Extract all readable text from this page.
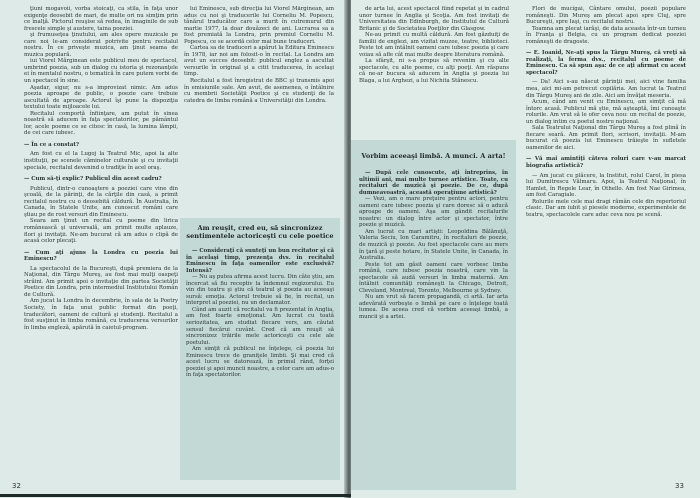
ţiuni mogavoii, vorba stoicaţi, ca stila, în faţa unor exigenţe deosebit de mari, de multe ori nu simţim prin ce înalţă. Pictorul reuşise să redea, în imaginile de sub frescele simple şi austere, taina poeziei.

şi frumuseţea ţinutului, am ales opere muzicale pe care noi le-am considerat potrivite pentru recitalul nostru. În ce priveşte muzica, am ţinut seama de muzica populară.

iui Viorel Mărginean este publicul meu de spectacol, umbrind poezia, sub un dialog cu istoria şi rezonanţele ei în mentalul nostru, o tematică în care putem vorbi de un spectacol în sine.

Aşadar, sigur, nu s-a improvizat nimic. Am adus poezia aproape de public, o poezie care trebuie ascultată de aproape. Actorul îşi pune la dispoziţia textului toate mijloacele lui.

Recitalul comportă înfiinţare, am putut în sinea noastră să aducem în faţa spectatorilor, pe pământul lor, acele poeme ce se citesc în casă, la lumina lămpii, de cei care iubesc.

— În ce a constat?

Am fost cu el la Lugoj la Teatrul Mic, apoi la alte instituţii, pe scenele căminelor culturale şi cu invitaţii speciale, recitalul devenind o tradiţie în acel oraş.

— Cum să-ţi explic? Publicul din acest cadru?

Publicul, dintr-o cunoaştere a poeziei care vine din şcoală, de la părinţi, de la cărţile din casă, a primit recitalul nostru cu o deosebită căldură. În Australia, în Canada, în Statele Unite, am cunoscut români care ştiau pe de rost versuri din Eminescu.

Seara am ţinut un recital cu poeme din lirica românească şi universală, am primit multe aplauze, flori şi invitaţii. Ne-am bucurat că am adus o clipă de acasă celor plecaţi.

— Cum aţi ajuns la Londra cu poezia lui Eminescu?

La spectacolul de la Bucureşti, după premiera de la Naţional, din Târgu Mureş, au fost mai mulţi oaspeţi străini. Am primit apoi o invitaţie din partea Societăţii Poetice din Londra, prin intermediul Institutului Român de Cultură.

Am jucat la Londra în decembrie, în sala de la Poetry Society, în faţa unui public format din poeţi, traducători, oameni de cultură şi studenţi. Recitalul a fost susţinut în limba română, cu traducerea versurilor în limba engleză, apărută în caietul-program.

lui Eminescu, sub direcţia lui Viorel Mărginean, am adus cu noi şi traducerile lui Corneliu M. Popescu, tânărul traducător care a murit în cutremurul din martie 1977, la doar douăzeci de ani. Lucrarea sa a fost premiată la Londra, prin premiul Corneliu M. Popescu, ce se acordă celor mai bune traduceri.

Cartea sa de traduceri a apărut la Editura Eminescu în 1978, iar noi am folosit-o în recital. La Londra am avut un succes deosebit: publicul englez a ascultat versurile în original şi a citit traducerea, în acelaşi timp.

Recitalul a fost înregistrat de BBC şi transmis apoi în emisiunile sale. Am avut, de asemenea, o întâlnire cu membrii Societăţii Poetice şi cu studenţi de la catedra de limba română a Universităţii din Londra.

Am reuşit, cred eu, să sincronizez sentimentele actoriceşti cu cele poetice

— Consideraţi că sunteţi un bun recitator şi că în acelaşi timp, prezenţa dvs. în recitalul Eminescu în faţa oamenilor este exclusivă? Intensă?

— Nu aş putea afirma acest lucru. Din câte ştiu, am încercat să fiu receptiv la îndemnul regizorului. Eu vin din teatru şi ştiu că teatrul şi poezia au aceeaşi sursă: emoţia. Actorul trebuie să fie, în recital, un interpret al poeziei, nu un declamator.

Când am auzit că recitalul va fi prezentat în Anglia, am fost foarte emoţionat. Am lucrat cu toată seriozitatea, am studiat fiecare vers, am căutat sensul fiecărui cuvânt. Cred că am reuşit să sincronizez trăirile mele actoriceşti cu cele ale poetului.

Am simţit că publicul ne înţelege, că poezia lui Eminescu trece de graniţele limbii. Şi mai cred că acest lucru se datorează, în primul rând, forţei poeziei şi apoi muncii noastre, a celor care am adus-o în faţa spectatorilor.

32

de arta lui, acest spectacol fiind repetat şi în cadrul unor turnee în Anglia şi Scoţia. Am fost invitaţi de Universitatea din Edinburgh, de Institutul de Cultură Britanic şi de Societatea Poeţilor din Glasgow.

Ne-au primit cu multă căldură. Am fost găzduiţi de familii de englezi, am vizitat muzee, teatre, biblioteci. Peste tot am întâlnit oameni care iubesc poezia şi care voiau să afle cât mai multe despre literatura română.

La sfârşit, ni s-a propus să revenim şi cu alte spectacole, cu alte poeme, cu alţi poeţi. Am răspuns că ne-ar bucura să aducem în Anglia şi poezia lui Blaga, a lui Arghezi, a lui Nichita Stănescu.

Vorbim aceeaşi limbă. A munci. A arta!

— După cele cunoscute, aţi întreprins, în ultimii ani, mai multe turnee artistice. Toate, cu recitaluri de muzică şi poezie. De ce, după dumneavoastră, această operaţiune artistică?

— Vezi, am o mare preţuire pentru actori, pentru oameni care iubesc poezia şi care doresc să o aducă aproape de oameni. Aşa am gândit recitalurile noastre: un dialog între actor şi spectator, între poezie şi muzică.

Am lucrat cu mari artişti: Leopoldina Bălănuţă, Valeria Seciu, Ion Caramitru, în recitaluri de poezie, de muzică şi poezie. Au fost spectacole care au mers în ţară şi peste hotare, în Statele Unite, în Canada, în Australia.

Peste tot am găsit oameni care vorbesc limba română, care iubesc poezia noastră, care vin la spectacole să audă versuri în limba maternă. Am întâlnit comunităţi româneşti la Chicago, Detroit, Cleveland, Montreal, Toronto, Melbourne şi Sydney.

Nu am vrut să facem propagandă, ci artă. Iar arta adevărată vorbeşte o limbă pe care o înţelege toată lumea. De aceea cred că vorbim aceeaşi limbă, a muncii şi a artei.

Flori de mucigai, Cântare omului, poezii populare româneşti. Din Mureş am plecat apoi spre Cluj, spre Bucureşti, spre Iaşi, cu recitalul nostru.

Toamna am plecat iarăşi, de data aceasta într-un turneu în Franţa şi Belgia, cu un program dedicat poeziei româneşti de dragoste.

— E. Ioanid, Ne-aţi spus la Târgu Mureş, că vreţi să realizaţi, la ferma dvs., recitalul cu poeme de Eminescu. Ca să spun aşa: de ce aţi afirmat cu acest spectacol?

— Da! Aici s-au născut părinţii mei, aici vine familia mea, aici mi-am petrecut copilăria. Am lucrat la Teatrul din Târgu Mureş ani de zile. Aici am învăţat meseria.

Acum, când am venit cu Eminescu, am simţit că mă întorc acasă. Publicul mă ştie, mă aşteaptă, îmi cunoaşte rolurile. Am vrut să le ofer ceva nou: un recital de poezie, un dialog intim cu poetul nostru naţional.

Sala Teatrului Naţional din Târgu Mureş a fost plină în fiecare seară. Am primit flori, scrisori, invitaţii. M-am bucurat că poezia lui Eminescu trăieşte în sufletele oamenilor de aici.

— Vă mai amintiţi câteva roluri care v-au marcat biografia artistică?

— Am jucat cu plăcere, la Institut, rolul Carol, în piesa lui Dumitrescu Vălmaru. Apoi, la Teatrul Naţional, în Hamlet, în Regele Lear, în Othello. Am fost Nae Girimea, am fost Caragiale.

Rolurile mele cele mai dragi rămân cele din repertoriul clasic. Dar am iubit şi piesele moderne, experimentele de teatru, spectacolele care aduc ceva nou pe scenă.

33
